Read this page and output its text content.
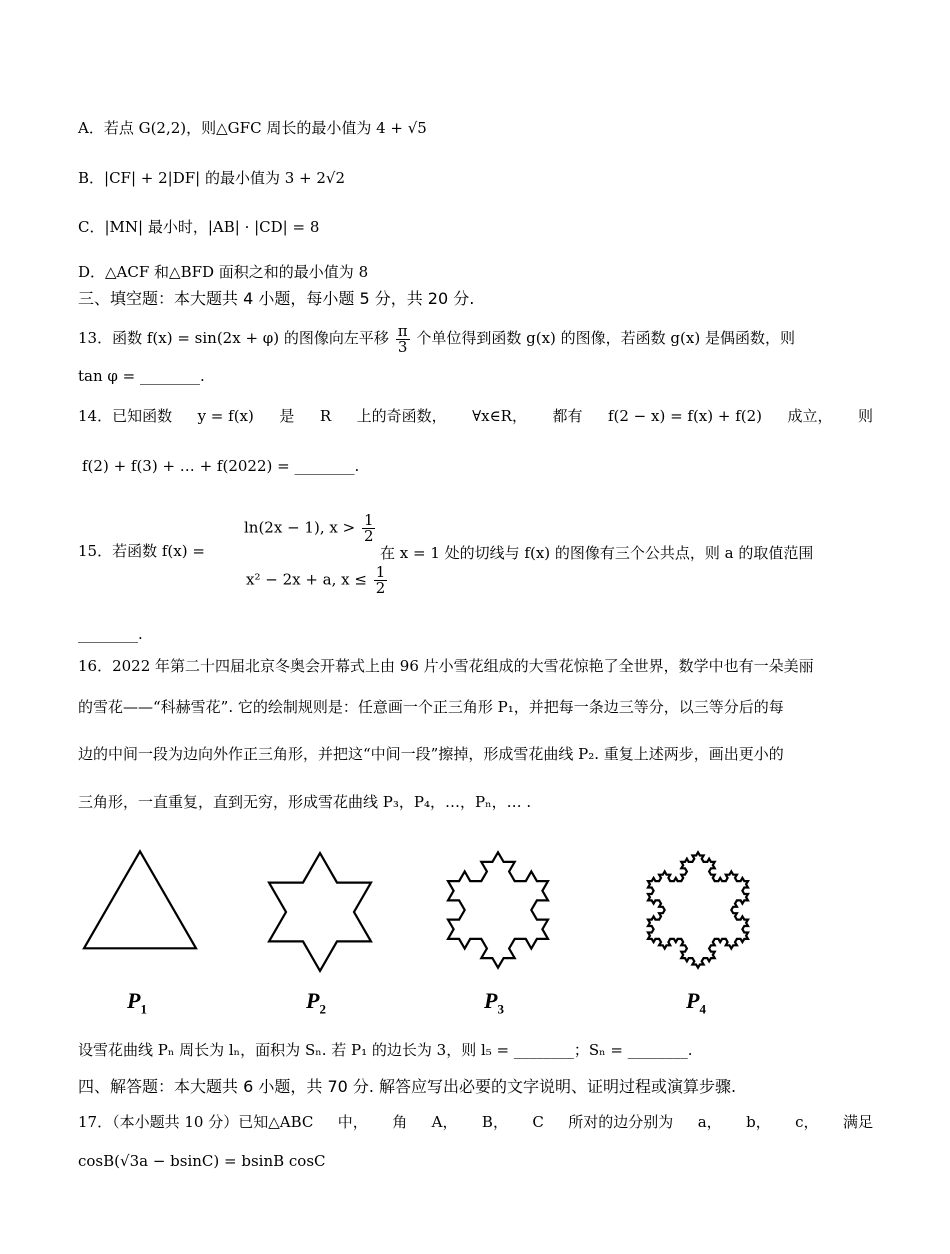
A．若点 G(2,2)，则△GFC 周长的最小值为 4 + √5
B．|CF| + 2|DF| 的最小值为 3 + 2√2
C．|MN| 最小时，|AB| · |CD| = 8
D．△ACF 和△BFD 面积之和的最小值为 8
三、填空题：本大题共 4 小题，每小题 5 分，共 20 分.
13．函数 f(x) = sin(2x + φ) 的图像向左平移 $\frac{\pi}{3}$ 个单位得到函数 g(x) 的图像，若函数 g(x) 是偶函数，则
tan φ = ________.
14．已知函数 y = f(x) 是 R 上的奇函数， ∀x∈R， 都有 f(2 − x) = f(x) + f(2) 成立， 则
f(2) + f(3) + … + f(2022) = ________.
15．若函数 f(x) =
ln(2x − 1), $x > \frac{1}{2}$
x² − 2x + a, $x \le \frac{1}{2}$
在 x = 1 处的切线与 f(x) 的图像有三个公共点，则 a 的取值范围
________.
16．2022 年第二十四届北京冬奥会开幕式上由 96 片小雪花组成的大雪花惊艳了全世界，数学中也有一朵美丽
的雪花——“科赫雪花”. 它的绘制规则是：任意画一个正三角形 P₁，并把每一条边三等分，以三等分后的每
边的中间一段为边向外作正三角形，并把这“中间一段”擦掉，形成雪花曲线 P₂. 重复上述两步，画出更小的
三角形，一直重复，直到无穷，形成雪花曲线 P₃，P₄，…，Pₙ，… .
$P_1$	$P_2$	$P_3$	$P_4$
设雪花曲线 Pₙ 周长为 lₙ，面积为 Sₙ. 若 P₁ 的边长为 3，则 l₅ = ________；Sₙ = ________.
四、解答题：本大题共 6 小题，共 70 分. 解答应写出必要的文字说明、证明过程或演算步骤.
17．（本小题共 10 分）已知△ABC 中， 角 A， B， C 所对的边分别为 a， b， c， 满足
cosB(√3a − bsinC) = bsinB cosC
